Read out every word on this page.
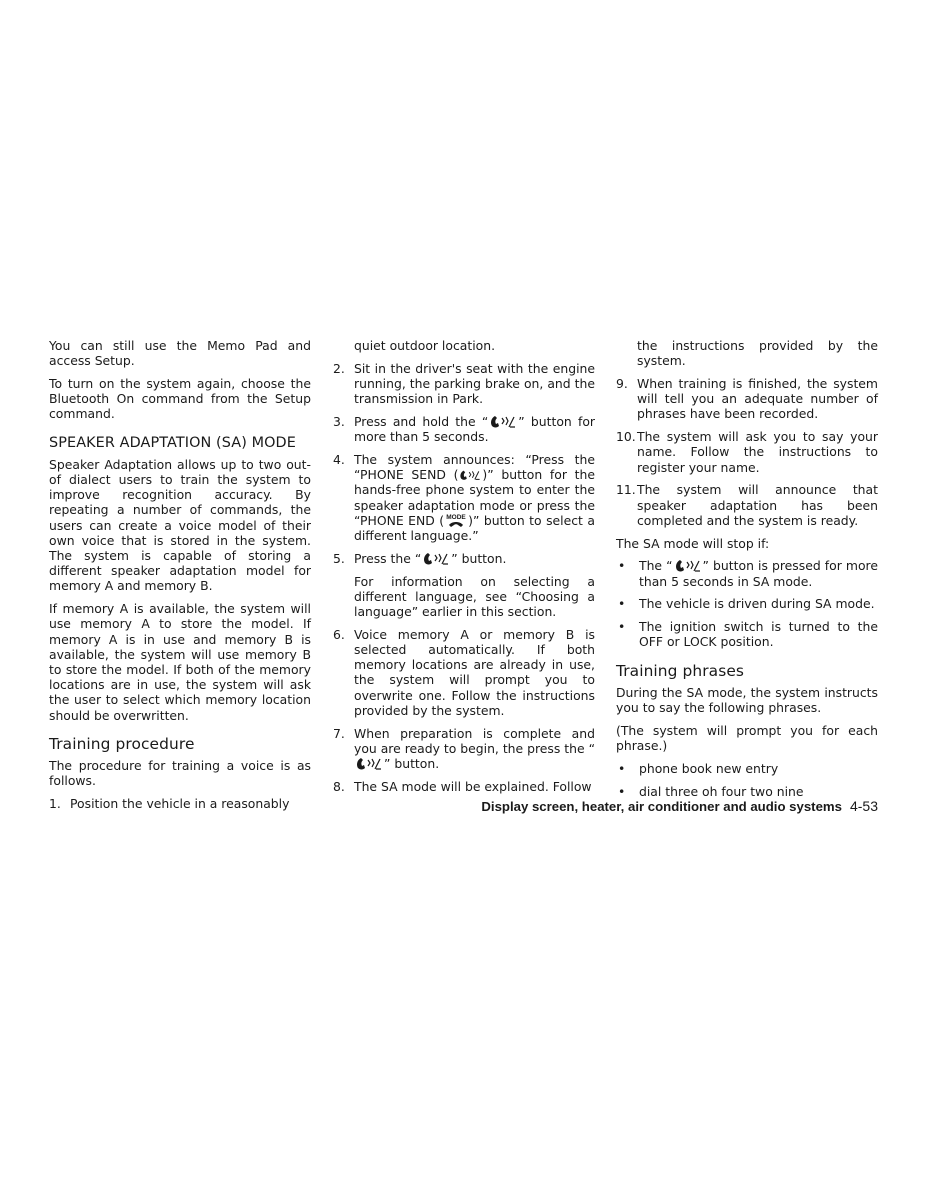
You can still use the Memo Pad and access Setup.

To turn on the system again, choose the Bluetooth On command from the Setup command.

SPEAKER ADAPTATION (SA) MODE

Speaker Adaptation allows up to two out-of dialect users to train the system to improve recognition accuracy. By repeating a number of commands, the users can create a voice model of their own voice that is stored in the system. The system is capable of storing a different speaker adaptation model for memory A and memory B.

If memory A is available, the system will use memory A to store the model. If memory A is in use and memory B is available, the system will use memory B to store the model. If both of the memory locations are in use, the system will ask the user to select which memory location should be overwritten.

Training procedure

The procedure for training a voice is as follows.

1. Position the vehicle in a reasonably
quiet outdoor location.
2. Sit in the driver's seat with the engine running, the parking brake on, and the transmission in Park.
3. Press and hold the “ ” button for more than 5 seconds.
4. The system announces: “Press the “PHONE SEND ( )” button for the hands-free phone system to enter the speaker adaptation mode or press the “PHONE END ( MODE )” button to select a different language.”
5. Press the “ ” button.
For information on selecting a different language, see “Choosing a language” earlier in this section.
6. Voice memory A or memory B is selected automatically. If both memory locations are already in use, the system will prompt you to overwrite one. Follow the instructions provided by the system.
7. When preparation is complete and you are ready to begin, the press the “” button.
8. The SA mode will be explained. Follow
the instructions provided by the system.
9. When training is finished, the system will tell you an adequate number of phrases have been recorded.
10. The system will ask you to say your name. Follow the instructions to register your name.
11. The system will announce that speaker adaptation has been completed and the system is ready.

The SA mode will stop if:

•	The “ ” button is pressed for more than 5 seconds in SA mode.
•	The vehicle is driven during SA mode.
•	The ignition switch is turned to the OFF or LOCK position.
Training phrases

During the SA mode, the system instructs you to say the following phrases.

(The system will prompt you for each phrase.)

•	phone book new entry
•	dial three oh four two nine
Display screen, heater, air conditioner and audio systems 4-53
